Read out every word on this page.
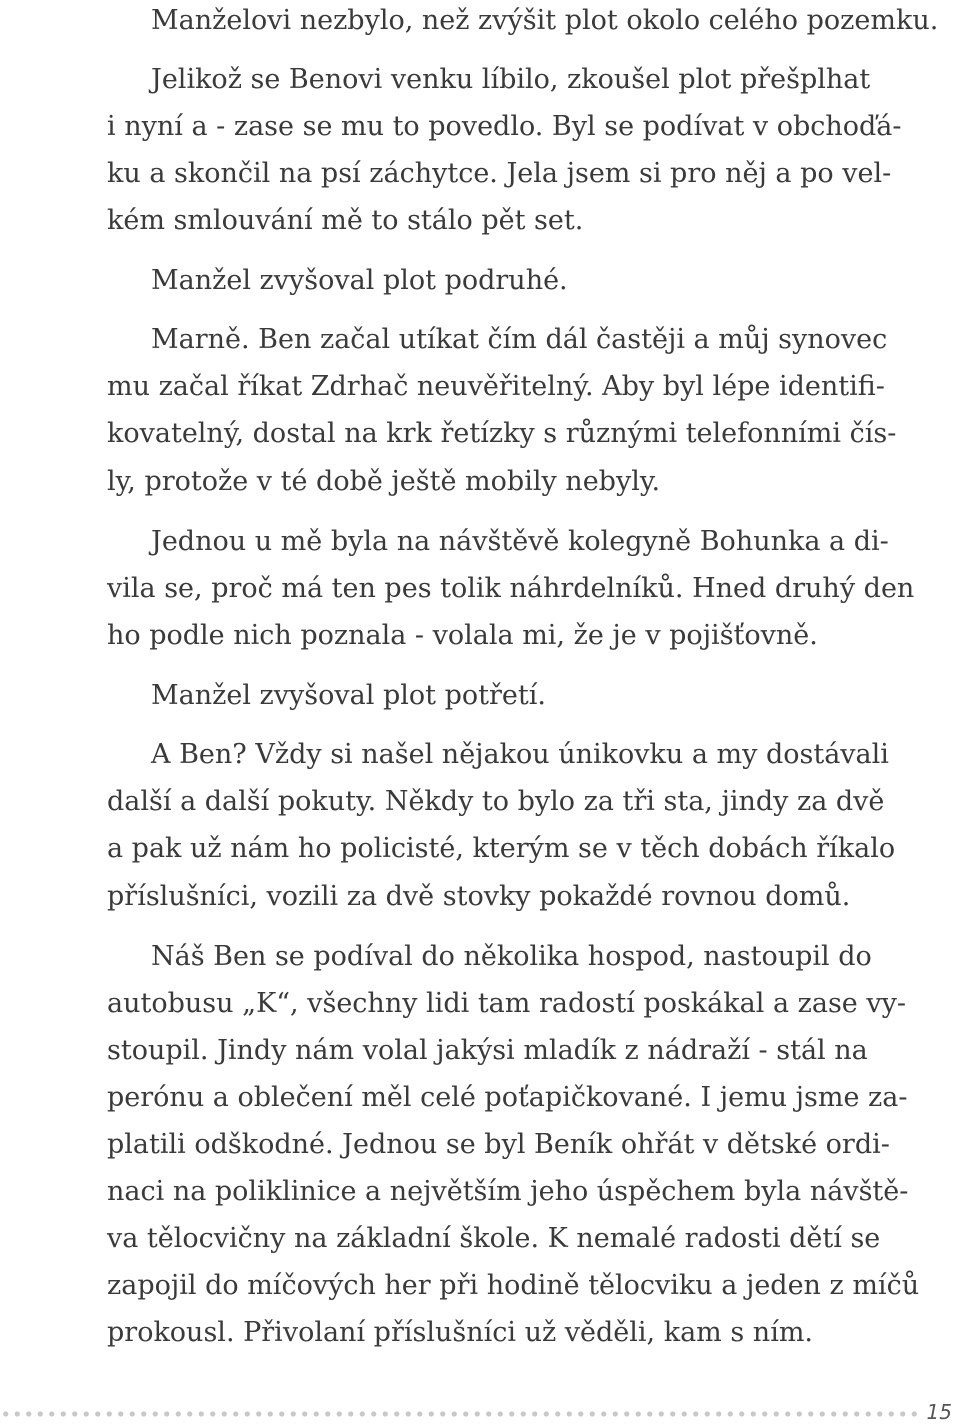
Manželovi nezbylo, než zvýšit plot okolo celého pozemku.
Jelikož se Benovi venku líbilo, zkoušel plot přešplhat
i nyní a - zase se mu to povedlo. Byl se podívat v obchoďá-
ku a skončil na psí záchytce. Jela jsem si pro něj a po vel-
kém smlouvání mě to stálo pět set.
Manžel zvyšoval plot podruhé.
Marně. Ben začal utíkat čím dál častěji a můj synovec
mu začal říkat Zdrhač neuvěřitelný. Aby byl lépe identifi-
kovatelný, dostal na krk řetízky s různými telefonními čís-
ly, protože v té době ještě mobily nebyly.
Jednou u mě byla na návštěvě kolegyně Bohunka a di-
vila se, proč má ten pes tolik náhrdelníků. Hned druhý den
ho podle nich poznala - volala mi, že je v pojišťovně.
Manžel zvyšoval plot potřetí.
A Ben? Vždy si našel nějakou únikovku a my dostávali
další a další pokuty. Někdy to bylo za tři sta, jindy za dvě
a pak už nám ho policisté, kterým se v těch dobách říkalo
příslušníci, vozili za dvě stovky pokaždé rovnou domů.
Náš Ben se podíval do několika hospod, nastoupil do
autobusu „K“, všechny lidi tam radostí poskákal a zase vy-
stoupil. Jindy nám volal jakýsi mladík z nádraží - stál na
perónu a oblečení měl celé poťapičkované. I jemu jsme za-
platili odškodné. Jednou se byl Beník ohřát v dětské ordi-
naci na poliklinice a největším jeho úspěchem byla návště-
va tělocvičny na základní škole. K nemalé radosti dětí se
zapojil do míčových her při hodině tělocviku a jeden z míčů
prokousl. Přivolaní příslušníci už věděli, kam s ním.
15
